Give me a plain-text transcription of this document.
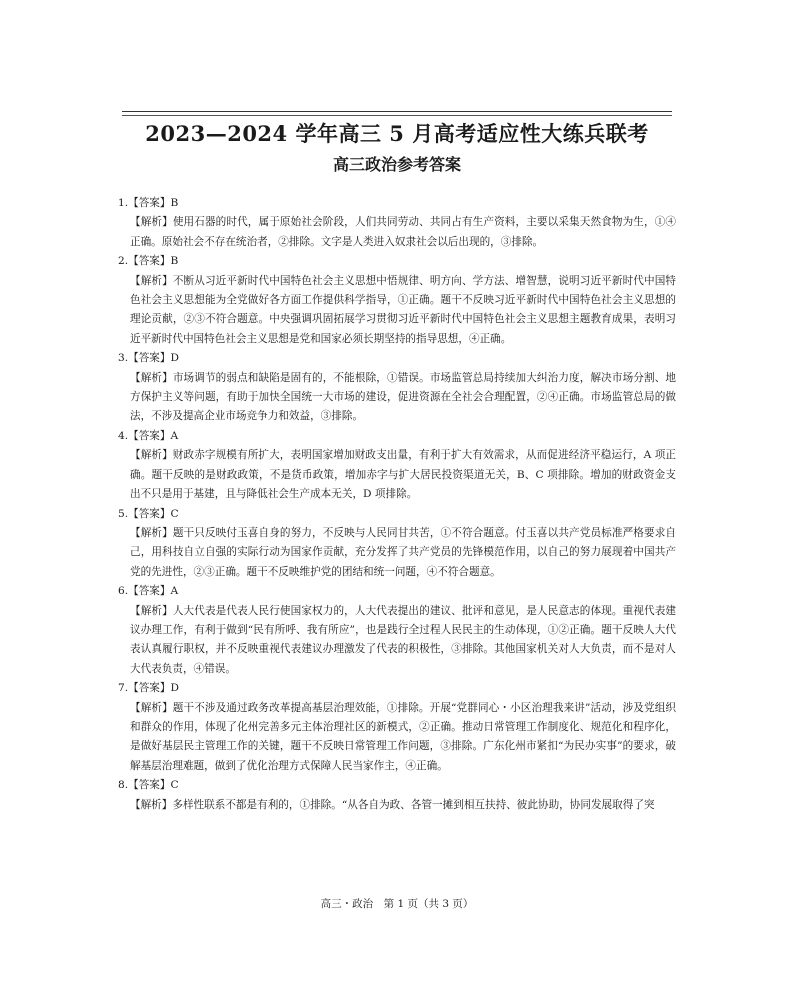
2023—2024 学年高三 5 月高考适应性大练兵联考
高三政治参考答案
1.【答案】B
【解析】使用石器的时代，属于原始社会阶段，人们共同劳动、共同占有生产资料，主要以采集天然食物为生，①④正确。原始社会不存在统治者，②排除。文字是人类进入奴隶社会以后出现的，③排除。
2.【答案】B
【解析】不断从习近平新时代中国特色社会主义思想中悟规律、明方向、学方法、增智慧，说明习近平新时代中国特色社会主义思想能为全党做好各方面工作提供科学指导，①正确。题干不反映习近平新时代中国特色社会主义思想的理论贡献，②③不符合题意。中央强调巩固拓展学习贯彻习近平新时代中国特色社会主义思想主题教育成果，表明习近平新时代中国特色社会主义思想是党和国家必须长期坚持的指导思想，④正确。
3.【答案】D
【解析】市场调节的弱点和缺陷是固有的，不能根除，①错误。市场监管总局持续加大纠治力度，解决市场分割、地方保护主义等问题，有助于加快全国统一大市场的建设，促进资源在全社会合理配置，②④正确。市场监管总局的做法，不涉及提高企业市场竞争力和效益，③排除。
4.【答案】A
【解析】财政赤字规模有所扩大，表明国家增加财政支出量，有利于扩大有效需求，从而促进经济平稳运行，A 项正确。题干反映的是财政政策，不是货币政策，增加赤字与扩大居民投资渠道无关，B、C 项排除。增加的财政资金支出不只是用于基建，且与降低社会生产成本无关，D 项排除。
5.【答案】C
【解析】题干只反映付玉喜自身的努力，不反映与人民同甘共苦，①不符合题意。付玉喜以共产党员标准严格要求自己，用科技自立自强的实际行动为国家作贡献，充分发挥了共产党员的先锋模范作用，以自己的努力展现着中国共产党的先进性，②③正确。题干不反映维护党的团结和统一问题，④不符合题意。
6.【答案】A
【解析】人大代表是代表人民行使国家权力的，人大代表提出的建议、批评和意见，是人民意志的体现。重视代表建议办理工作，有利于做到“民有所呼、我有所应”，也是践行全过程人民民主的生动体现，①②正确。题干反映人大代表认真履行职权，并不反映重视代表建议办理激发了代表的积极性，③排除。其他国家机关对人大负责，而不是对人大代表负责，④错误。
7.【答案】D
【解析】题干不涉及通过政务改革提高基层治理效能，①排除。开展“党群同心・小区治理我来讲”活动，涉及党组织和群众的作用，体现了化州完善多元主体治理社区的新模式，②正确。推动日常管理工作制度化、规范化和程序化，是做好基层民主管理工作的关键，题干不反映日常管理工作问题，③排除。广东化州市紧扣“为民办实事”的要求，破解基层治理难题，做到了优化治理方式保障人民当家作主，④正确。
8.【答案】C
【解析】多样性联系不都是有利的，①排除。“从各自为政、各管一摊到相互扶持、彼此协助，协同发展取得了突
高三・政治　第 1 页（共 3 页）
